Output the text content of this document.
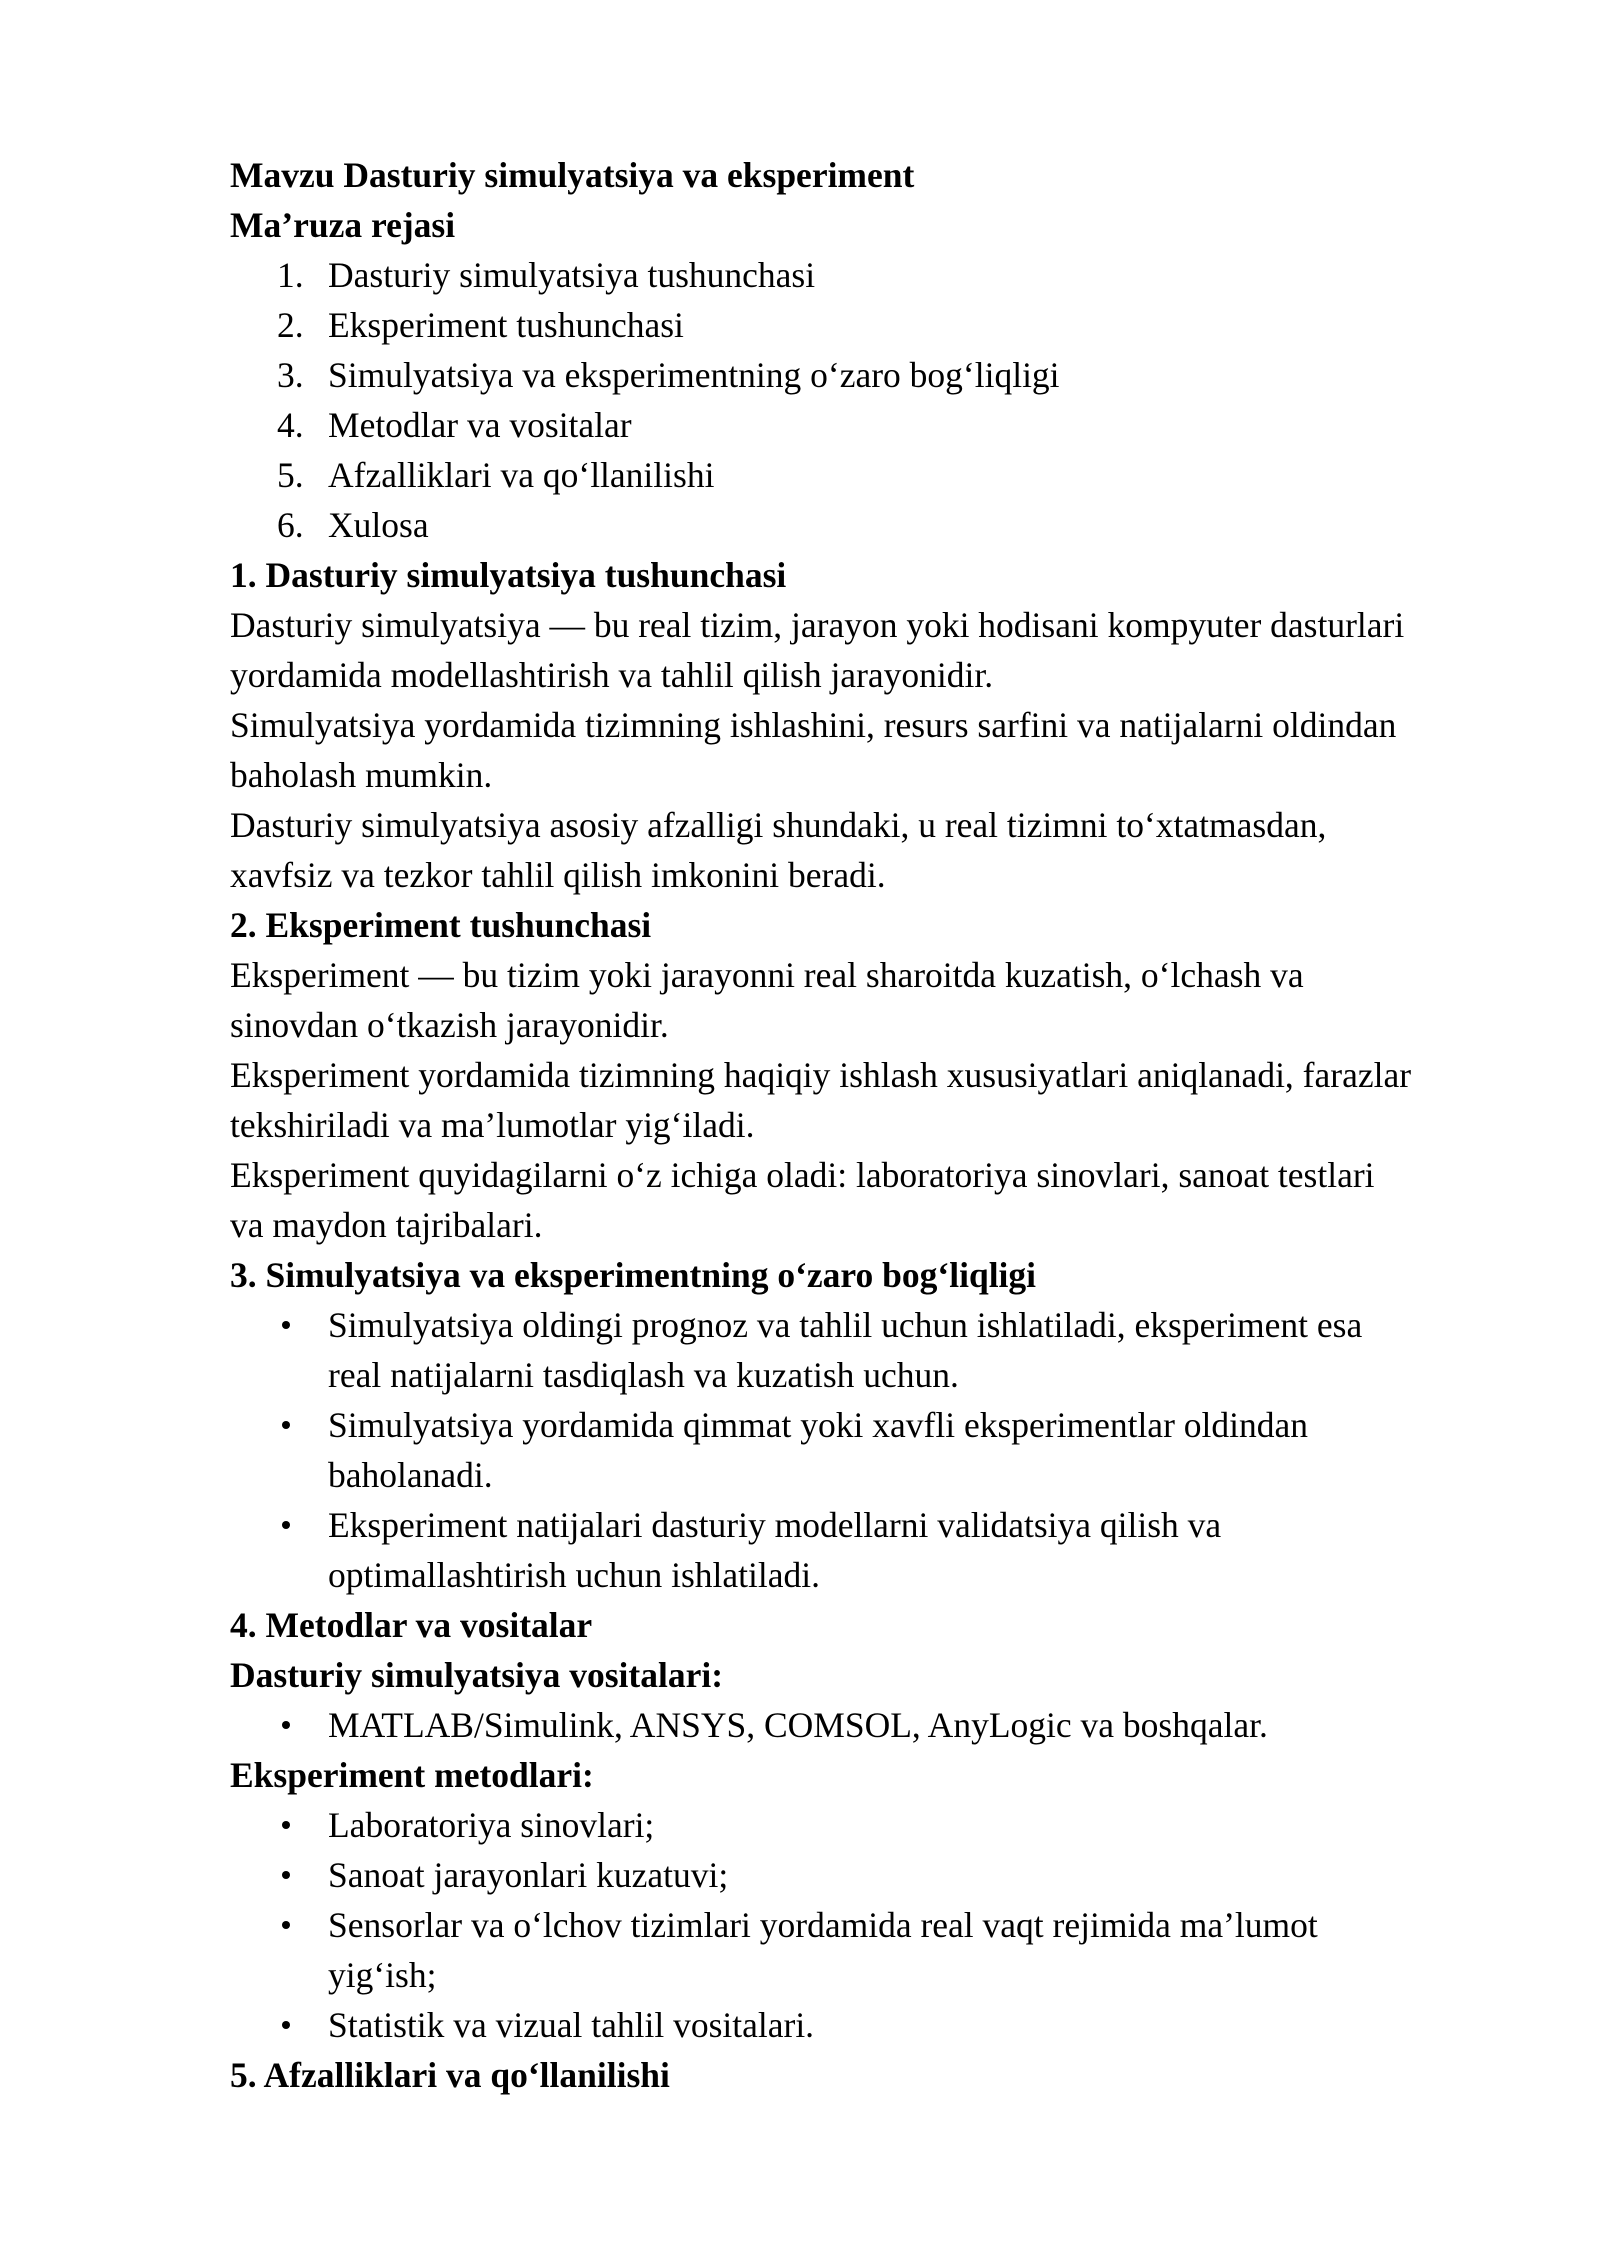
Mavzu Dasturiy simulyatsiya va eksperiment
Ma’ruza rejasi
1. Dasturiy simulyatsiya tushunchasi
2. Eksperiment tushunchasi
3. Simulyatsiya va eksperimentning o‘zaro bog‘liqligi
4. Metodlar va vositalar
5. Afzalliklari va qo‘llanilishi
6. Xulosa
1. Dasturiy simulyatsiya tushunchasi
Dasturiy simulyatsiya — bu real tizim, jarayon yoki hodisani kompyuter dasturlari
yordamida modellashtirish va tahlil qilish jarayonidir.
Simulyatsiya yordamida tizimning ishlashini, resurs sarfini va natijalarni oldindan
baholash mumkin.
Dasturiy simulyatsiya asosiy afzalligi shundaki, u real tizimni to‘xtatmasdan,
xavfsiz va tezkor tahlil qilish imkonini beradi.
2. Eksperiment tushunchasi
Eksperiment — bu tizim yoki jarayonni real sharoitda kuzatish, o‘lchash va
sinovdan o‘tkazish jarayonidir.
Eksperiment yordamida tizimning haqiqiy ishlash xususiyatlari aniqlanadi, farazlar
tekshiriladi va ma’lumotlar yig‘iladi.
Eksperiment quyidagilarni o‘z ichiga oladi: laboratoriya sinovlari, sanoat testlari
va maydon tajribalari.
3. Simulyatsiya va eksperimentning o‘zaro bog‘liqligi
Simulyatsiya oldingi prognoz va tahlil uchun ishlatiladi, eksperiment esa
real natijalarni tasdiqlash va kuzatish uchun.
Simulyatsiya yordamida qimmat yoki xavfli eksperimentlar oldindan
baholanadi.
Eksperiment natijalari dasturiy modellarni validatsiya qilish va
optimallashtirish uchun ishlatiladi.
4. Metodlar va vositalar
Dasturiy simulyatsiya vositalari:
MATLAB/Simulink, ANSYS, COMSOL, AnyLogic va boshqalar.
Eksperiment metodlari:
Laboratoriya sinovlari;
Sanoat jarayonlari kuzatuvi;
Sensorlar va o‘lchov tizimlari yordamida real vaqt rejimida ma’lumot
yig‘ish;
Statistik va vizual tahlil vositalari.
5. Afzalliklari va qo‘llanilishi
